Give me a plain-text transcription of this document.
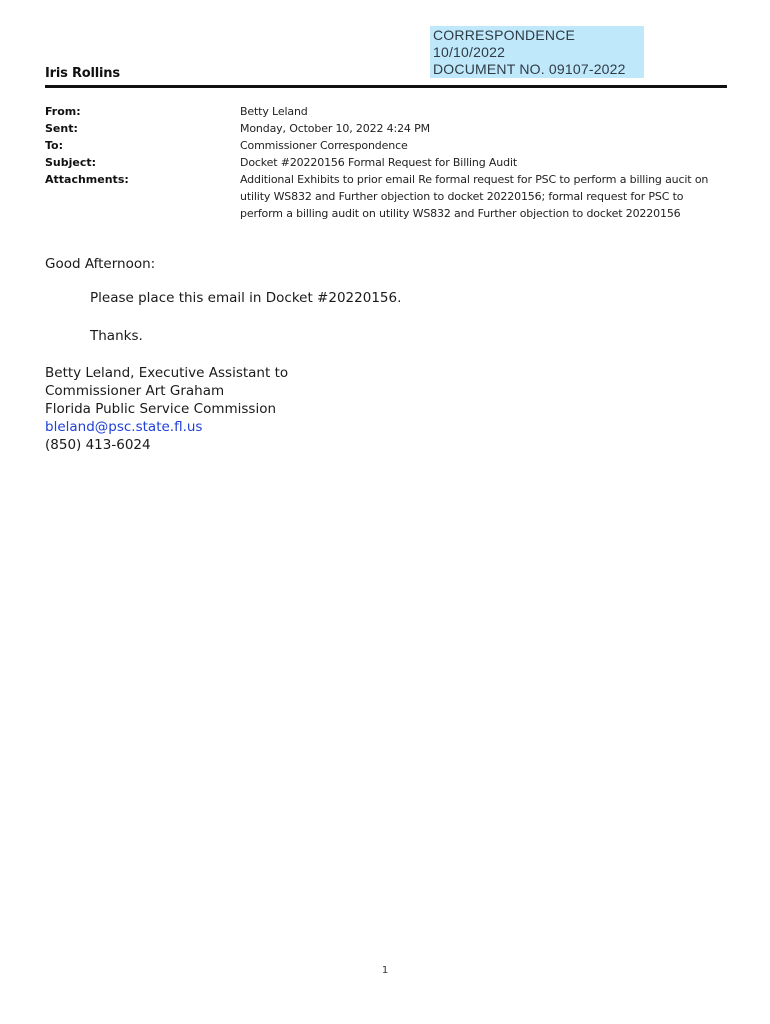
CORRESPONDENCE
10/10/2022
DOCUMENT NO. 09107-2022
Iris Rollins
From:	Betty Leland
Sent:	Monday, October 10, 2022 4:24 PM
To:	Commissioner Correspondence
Subject:	Docket #20220156 Formal Request for Billing Audit
Attachments:	Additional Exhibits to prior email Re formal request for PSC to perform a billing aucit on utility WS832 and Further objection to docket 20220156; formal request for PSC to perform a billing audit on utility WS832 and Further objection to docket 20220156
Good Afternoon:
Please place this email in Docket #20220156.
Thanks.
Betty Leland, Executive Assistant to
Commissioner Art Graham
Florida Public Service Commission
bleland@psc.state.fl.us
(850) 413-6024
1
